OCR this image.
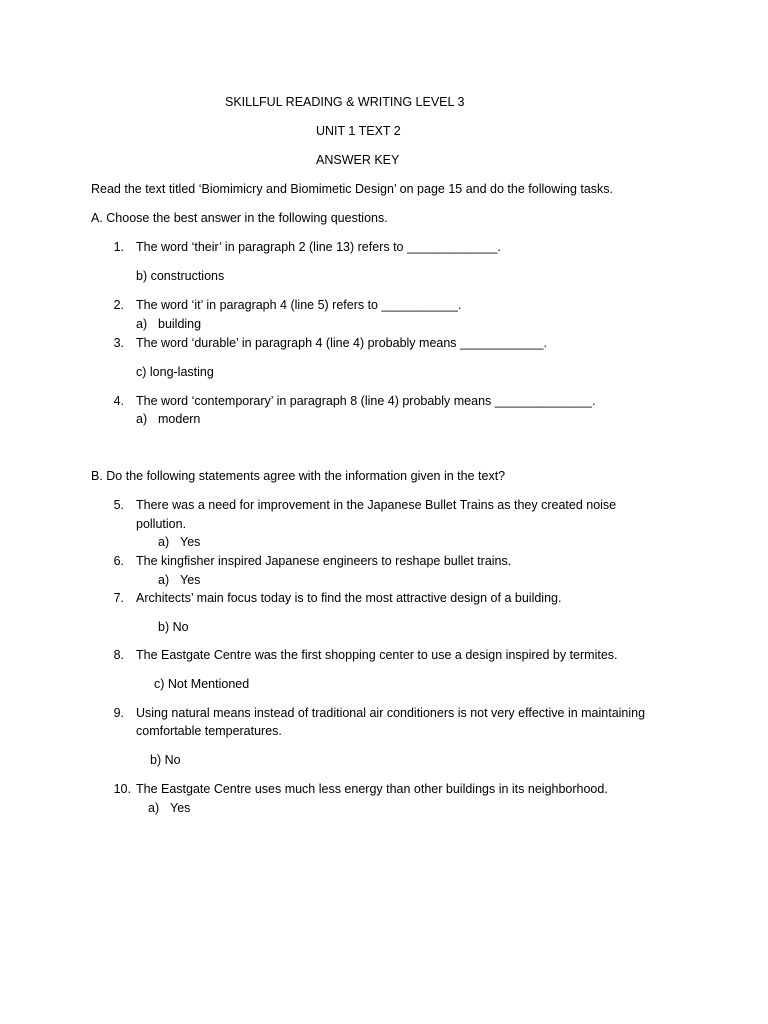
SKILLFUL READING & WRITING LEVEL 3
UNIT 1 TEXT 2
ANSWER KEY
Read the text titled ‘Biomimicry and Biomimetic Design’ on page 15 and do the following tasks.
A. Choose the best answer in the following questions.
1. The word ‘their’ in paragraph 2 (line 13) refers to _____________.
b) constructions
2. The word ‘it’ in paragraph 4 (line 5) refers to ___________.
a) building
3. The word ‘durable’ in paragraph 4 (line 4) probably means ____________.
c) long-lasting
4. The word ‘contemporary’ in paragraph 8 (line 4) probably means ______________.
a) modern
B. Do the following statements agree with the information given in the text?
5. There was a need for improvement in the Japanese Bullet Trains as they created noise
pollution.
a) Yes
6. The kingfisher inspired Japanese engineers to reshape bullet trains.
a) Yes
7. Architects’ main focus today is to find the most attractive design of a building.
b) No
8. The Eastgate Centre was the first shopping center to use a design inspired by termites.
c) Not Mentioned
9. Using natural means instead of traditional air conditioners is not very effective in maintaining
comfortable temperatures.
b) No
10. The Eastgate Centre uses much less energy than other buildings in its neighborhood.
a) Yes
